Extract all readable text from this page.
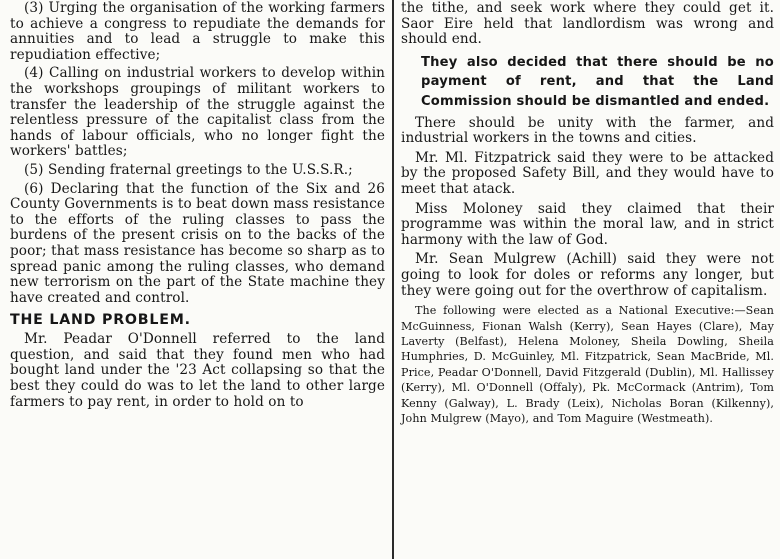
(3) Urging the organisation of the working farmers to achieve a congress to repudiate the demands for annuities and to lead a struggle to make this repudiation effective;

(4) Calling on industrial workers to develop within the workshops groupings of militant workers to transfer the leadership of the struggle against the relentless pressure of the capitalist class from the hands of labour officials, who no longer fight the workers' battles;

(5) Sending fraternal greetings to the U.S.S.R.;

(6) Declaring that the function of the Six and 26 County Governments is to beat down mass resistance to the efforts of the ruling classes to pass the burdens of the present crisis on to the backs of the poor; that mass resistance has become so sharp as to spread panic among the ruling classes, who demand new terrorism on the part of the State machine they have created and control.

THE LAND PROBLEM.

Mr. Peadar O'Donnell referred to the land question, and said that they found men who had bought land under the '23 Act collapsing so that the best they could do was to let the land to other large farmers to pay rent, in order to hold on to

the tithe, and seek work where they could get it. Saor Eire held that landlordism was wrong and should end.

They also decided that there should be no payment of rent, and that the Land Commission should be dismantled and ended.

There should be unity with the farmer, and industrial workers in the towns and cities.

Mr. Ml. Fitzpatrick said they were to be attacked by the proposed Safety Bill, and they would have to meet that atack.

Miss Moloney said they claimed that their programme was within the moral law, and in strict harmony with the law of God.

Mr. Sean Mulgrew (Achill) said they were not going to look for doles or reforms any longer, but they were going out for the overthrow of capitalism.

The following were elected as a National Executive:—Sean McGuinness, Fionan Walsh (Kerry), Sean Hayes (Clare), May Laverty (Belfast), Helena Moloney, Sheila Dowling, Sheila Humphries, D. McGuinley, Ml. Fitzpatrick, Sean MacBride, Ml. Price, Peadar O'Donnell, David Fitzgerald (Dublin), Ml. Hallissey (Kerry), Ml. O'Donnell (Offaly), Pk. McCormack (Antrim), Tom Kenny (Galway), L. Brady (Leix), Nicholas Boran (Kilkenny), John Mulgrew (Mayo), and Tom Maguire (Westmeath).
